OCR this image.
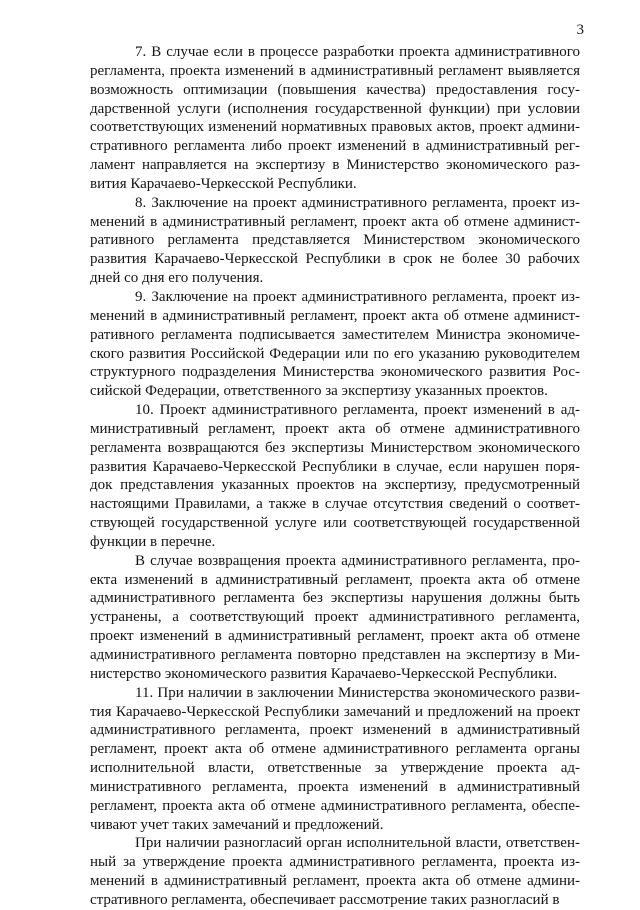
3

7. В случае если в процессе разработки проекта административного регламента, проекта изменений в административный регламент выявляется возможность оптимизации (повышения качества) предоставления государственной услуги (исполнения государственной функции) при условии соответствующих изменений нормативных правовых актов, проект административного регламента либо проект изменений в административный регламент направляется на экспертизу в Министерство экономического развития Карачаево-Черкесской Республики.

8. Заключение на проект административного регламента, проект изменений в административный регламент, проект акта об отмене административного регламента представляется Министерством экономического развития Карачаево-Черкесской Республики в срок не более 30 рабочих дней со дня его получения.

9. Заключение на проект административного регламента, проект изменений в административный регламент, проект акта об отмене административного регламента подписывается заместителем Министра экономического развития Российской Федерации или по его указанию руководителем структурного подразделения Министерства экономического развития Российской Федерации, ответственного за экспертизу указанных проектов.

10. Проект административного регламента, проект изменений в административный регламент, проект акта об отмене административного регламента возвращаются без экспертизы Министерством экономического развития Карачаево-Черкесской Республики в случае, если нарушен порядок представления указанных проектов на экспертизу, предусмотренный настоящими Правилами, а также в случае отсутствия сведений о соответствующей государственной услуге или соответствующей государственной функции в перечне.

В случае возвращения проекта административного регламента, проекта изменений в административный регламент, проекта акта об отмене административного регламента без экспертизы нарушения должны быть устранены, а соответствующий проект административного регламента, проект изменений в административный регламент, проект акта об отмене административного регламента повторно представлен на экспертизу в Министерство экономического развития Карачаево-Черкесской Республики.

11. При наличии в заключении Министерства экономического развития Карачаево-Черкесской Республики замечаний и предложений на проект административного регламента, проект изменений в административный регламент, проект акта об отмене административного регламента органы исполнительной власти, ответственные за утверждение проекта административного регламента, проекта изменений в административный регламент, проекта акта об отмене административного регламента, обеспечивают учет таких замечаний и предложений.

При наличии разногласий орган исполнительной власти, ответственный за утверждение проекта административного регламента, проекта изменений в административный регламент, проекта акта об отмене административного регламента, обеспечивает рассмотрение таких разногласий в
